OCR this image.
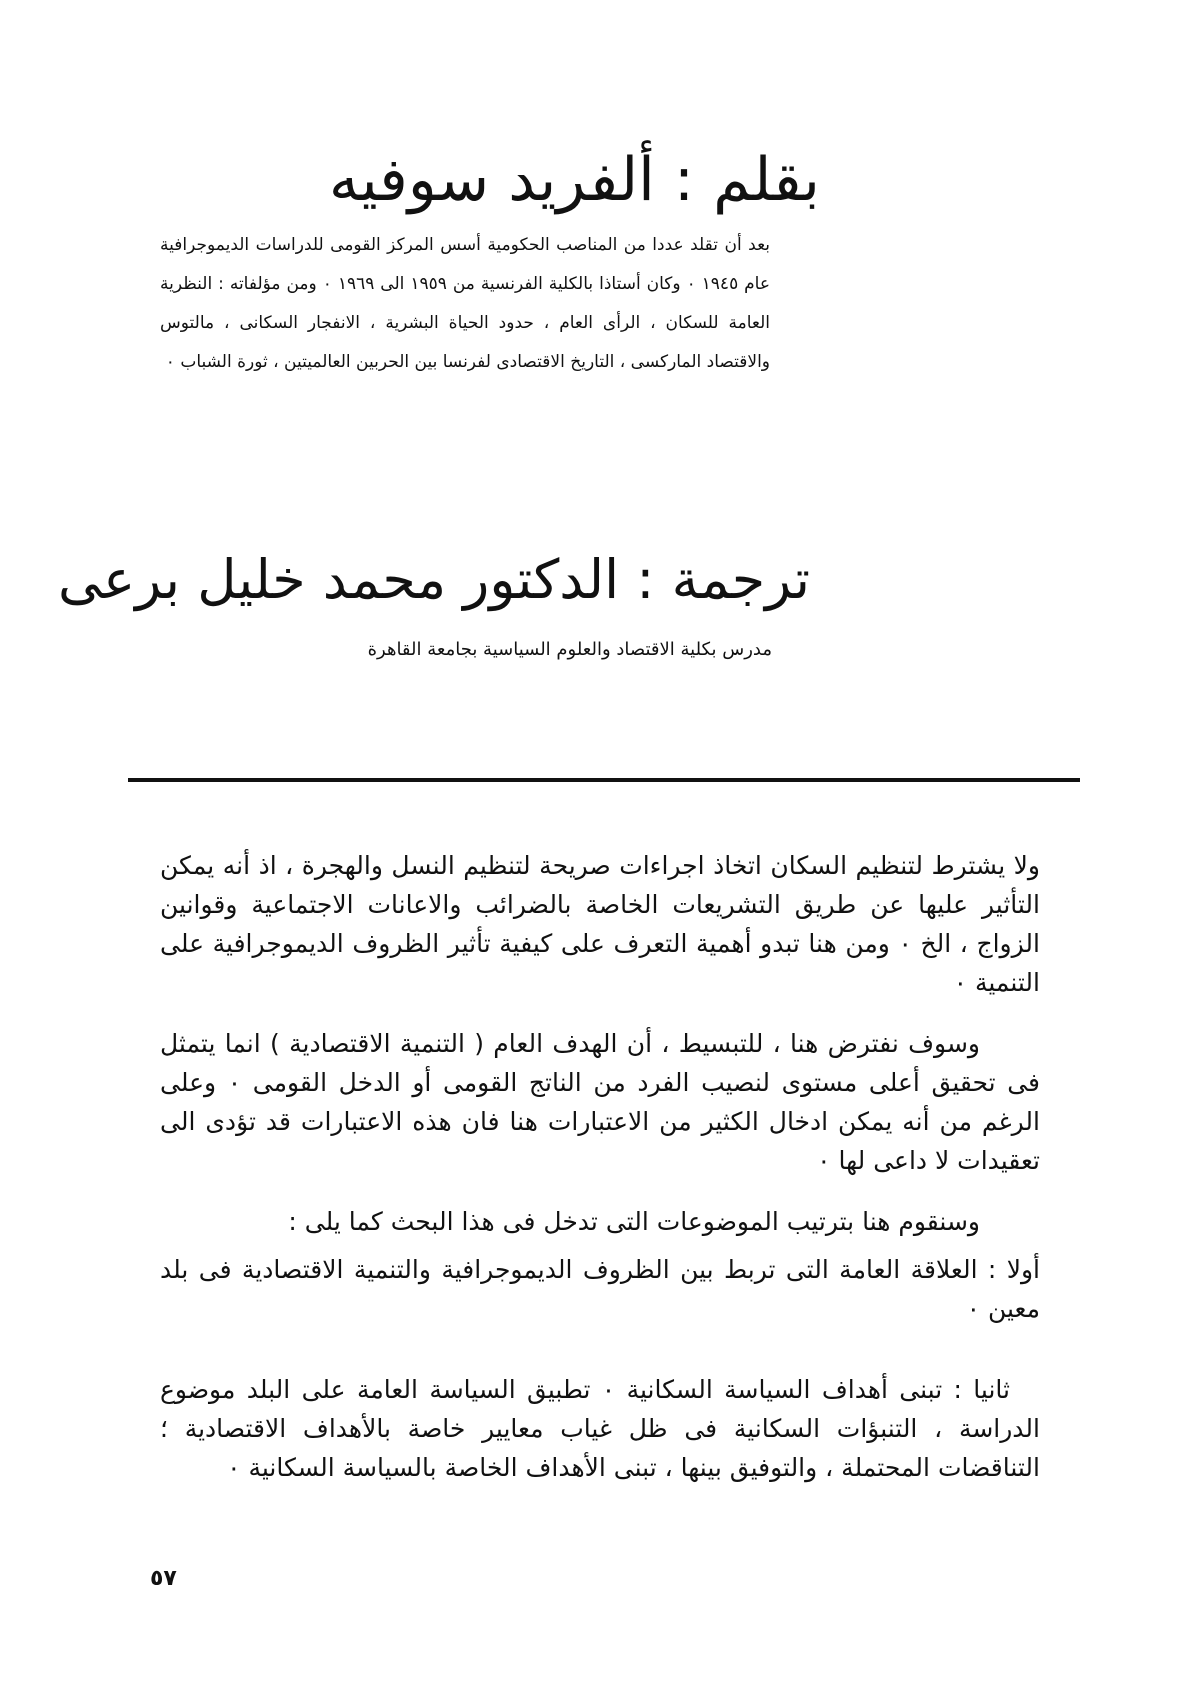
بقلم : ألفريد سوفيه
بعد أن تقلد عددا من المناصب الحكومية أسس المركز القومى للدراسات الديموجرافية عام ١٩٤٥ ٠ وكان أستاذا بالكلية الفرنسية من ١٩٥٩ الى ١٩٦٩ ٠ ومن مؤلفاته : النظرية العامة للسكان ، الرأى العام ، حدود الحياة البشرية ، الانفجار السكانى ، مالتوس والاقتصاد الماركسى ، التاريخ الاقتصادى لفرنسا بين الحربين العالميتين ، ثورة الشباب ٠
ترجمة : الدكتور محمد خليل برعى
مدرس بكلية الاقتصاد والعلوم السياسية بجامعة القاهرة

ولا يشترط لتنظيم السكان اتخاذ اجراءات صريحة لتنظيم النسل والهجرة ، اذ أنه يمكن التأثير عليها عن طريق التشريعات الخاصة بالضرائب والاعانات الاجتماعية وقوانين الزواج ، الخ ٠ ومن هنا تبدو أهمية التعرف على كيفية تأثير الظروف الديموجرافية على التنمية ٠

وسوف نفترض هنا ، للتبسيط ، أن الهدف العام ( التنمية الاقتصادية ) انما يتمثل فى تحقيق أعلى مستوى لنصيب الفرد من الناتج القومى أو الدخل القومى ٠ وعلى الرغم من أنه يمكن ادخال الكثير من الاعتبارات هنا فان هذه الاعتبارات قد تؤدى الى تعقيدات لا داعى لها ٠

وسنقوم هنا بترتيب الموضوعات التى تدخل فى هذا البحث كما يلى :

أولا : العلاقة العامة التى تربط بين الظروف الديموجرافية والتنمية الاقتصادية فى بلد معين ٠

ثانيا : تبنى أهداف السياسة السكانية ٠ تطبيق السياسة العامة على البلد موضوع الدراسة ، التنبؤات السكانية فى ظل غياب معايير خاصة بالأهداف الاقتصادية ؛ التناقضات المحتملة ، والتوفيق بينها ، تبنى الأهداف الخاصة بالسياسة السكانية ٠

٥٧
